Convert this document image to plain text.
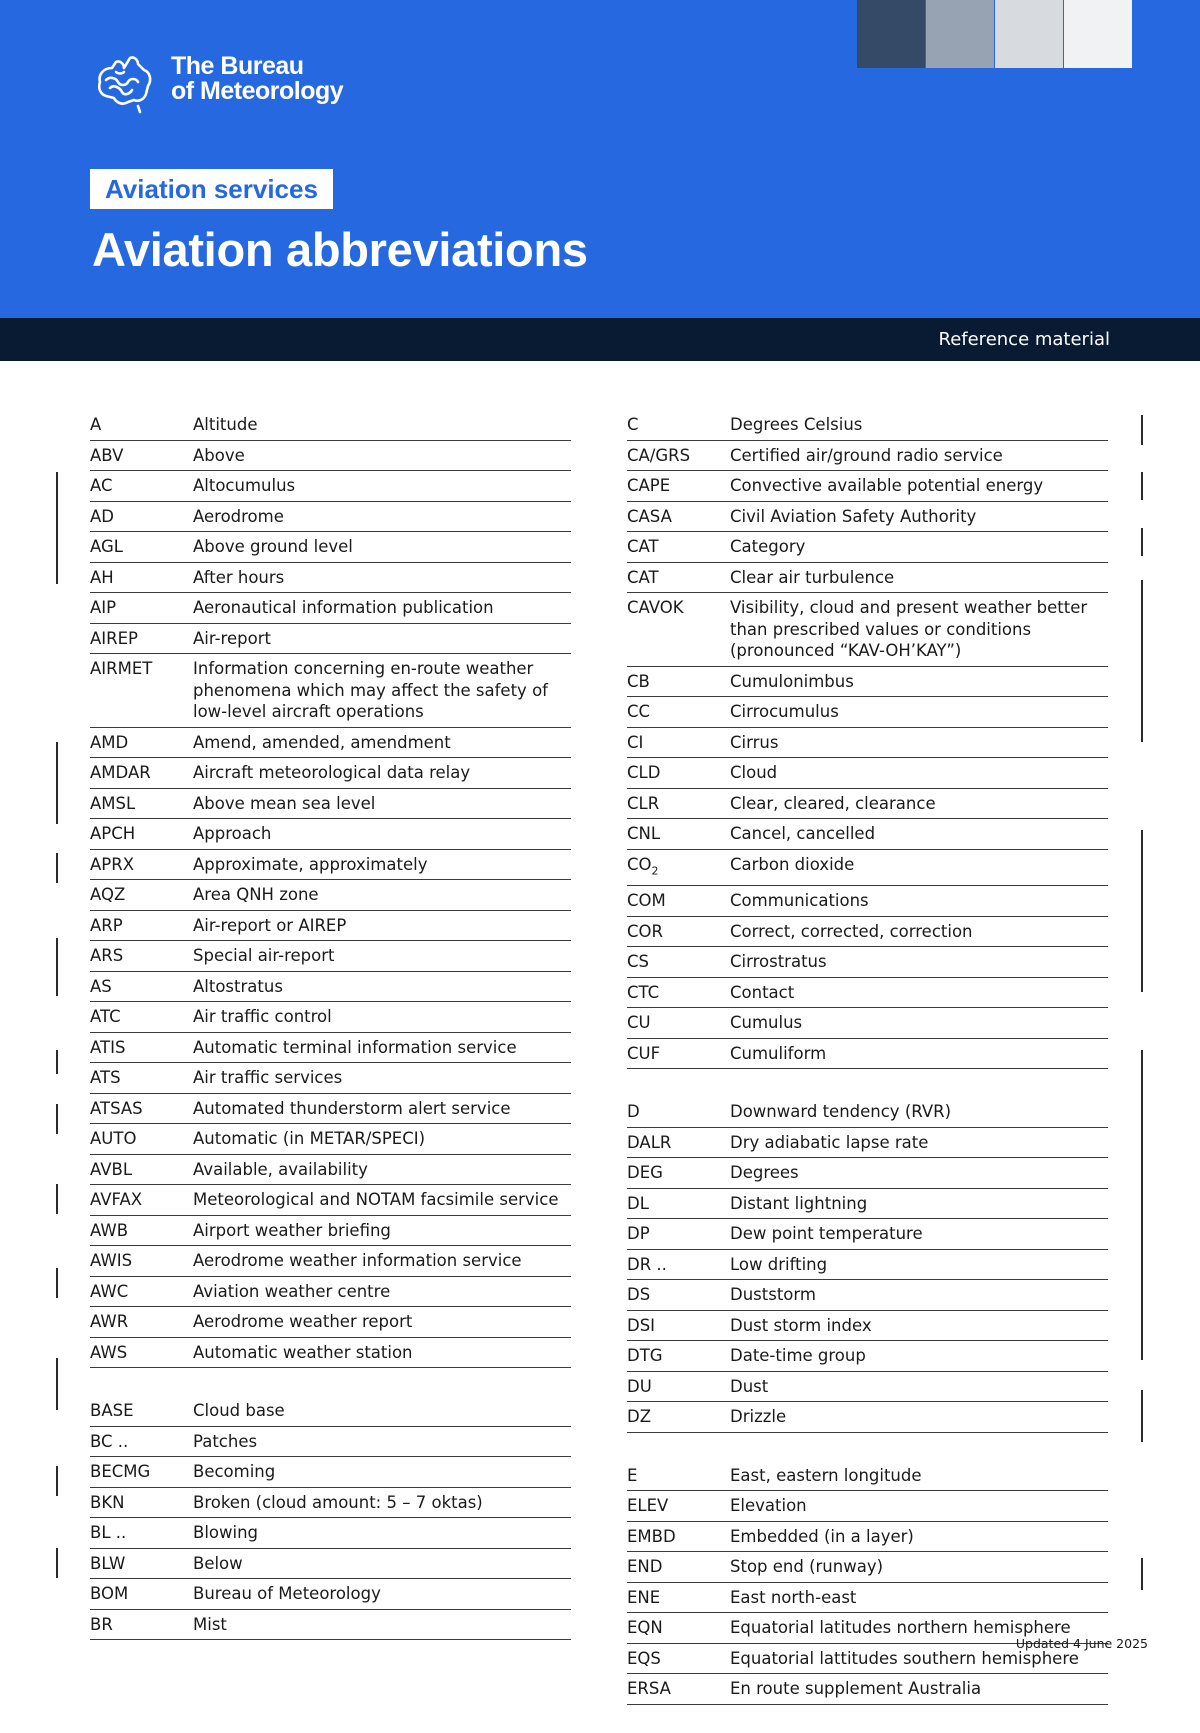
The Bureau
of Meteorology
Aviation services
Aviation abbreviations
Reference material
A	Altitude
ABV	Above
AC	Altocumulus
AD	Aerodrome
AGL	Above ground level
AH	After hours
AIP	Aeronautical information publication
AIREP	Air-report
AIRMET	Information concerning en-route weather phenomena which may affect the safety of low-level aircraft operations
AMD	Amend, amended, amendment
AMDAR	Aircraft meteorological data relay
AMSL	Above mean sea level
APCH	Approach
APRX	Approximate, approximately
AQZ	Area QNH zone
ARP	Air-report or AIREP
ARS	Special air-report
AS	Altostratus
ATC	Air traffic control
ATIS	Automatic terminal information service
ATS	Air traffic services
ATSAS	Automated thunderstorm alert service
AUTO	Automatic (in METAR/SPECI)
AVBL	Available, availability
AVFAX	Meteorological and NOTAM facsimile service
AWB	Airport weather briefing
AWIS	Aerodrome weather information service
AWC	Aviation weather centre
AWR	Aerodrome weather report
AWS	Automatic weather station
BASE	Cloud base
BC ..	Patches
BECMG	Becoming
BKN	Broken (cloud amount: 5 – 7 oktas)
BL ..	Blowing
BLW	Below
BOM	Bureau of Meteorology
BR	Mist
C	Degrees Celsius
CA/GRS	Certified air/ground radio service
CAPE	Convective available potential energy
CASA	Civil Aviation Safety Authority
CAT	Category
CAT	Clear air turbulence
CAVOK	Visibility, cloud and present weather better than prescribed values or conditions (pronounced “KAV-OH’KAY”)
CB	Cumulonimbus
CC	Cirrocumulus
CI	Cirrus
CLD	Cloud
CLR	Clear, cleared, clearance
CNL	Cancel, cancelled
$CO_2$	Carbon dioxide
COM	Communications
COR	Correct, corrected, correction
CS	Cirrostratus
CTC	Contact
CU	Cumulus
CUF	Cumuliform
D	Downward tendency (RVR)
DALR	Dry adiabatic lapse rate
DEG	Degrees
DL	Distant lightning
DP	Dew point temperature
DR ..	Low drifting
DS	Duststorm
DSI	Dust storm index
DTG	Date-time group
DU	Dust
DZ	Drizzle
E	East, eastern longitude
ELEV	Elevation
EMBD	Embedded (in a layer)
END	Stop end (runway)
ENE	East north-east
EQN	Equatorial latitudes northern hemisphere
EQS	Equatorial lattitudes southern hemisphere
ERSA	En route supplement Australia
Updated 4 June 2025
